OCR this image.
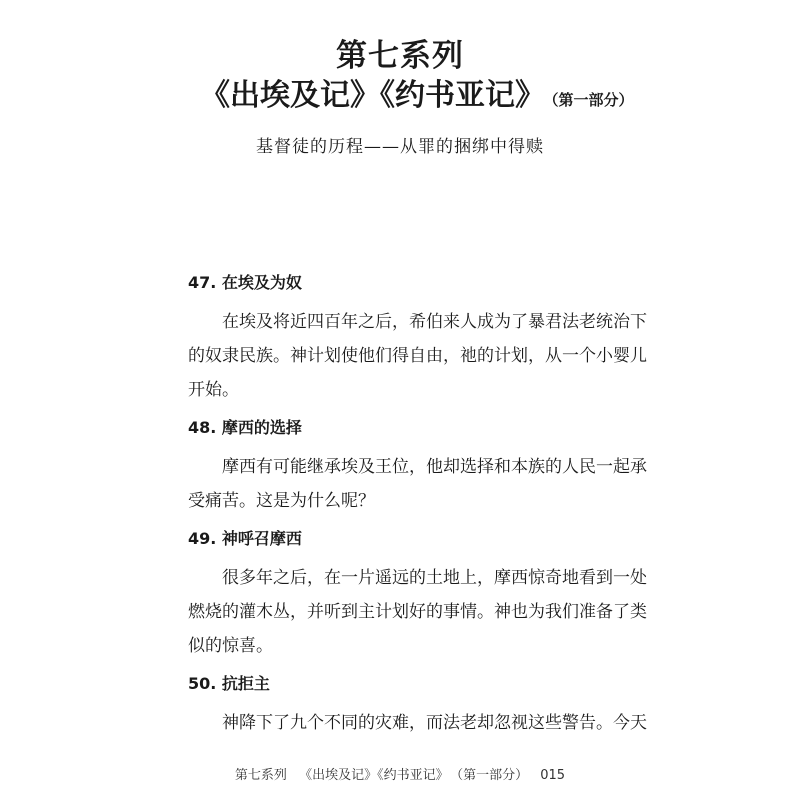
第七系列
《出埃及记》《约书亚记》 （第一部分）
基督徒的历程——从罪的捆绑中得赎
47. 在埃及为奴
在埃及将近四百年之后，希伯来人成为了暴君法老统治下的奴隶民族。神计划使他们得自由，祂的计划，从一个小婴儿开始。
48. 摩西的选择
摩西有可能继承埃及王位，他却选择和本族的人民一起承受痛苦。这是为什么呢？
49. 神呼召摩西
很多年之后，在一片遥远的土地上，摩西惊奇地看到一处燃烧的灌木丛，并听到主计划好的事情。神也为我们准备了类似的惊喜。
50. 抗拒主
神降下了九个不同的灾难，而法老却忽视这些警告。今天
第七系列 《出埃及记》《约书亚记》 （第一部分） 015
